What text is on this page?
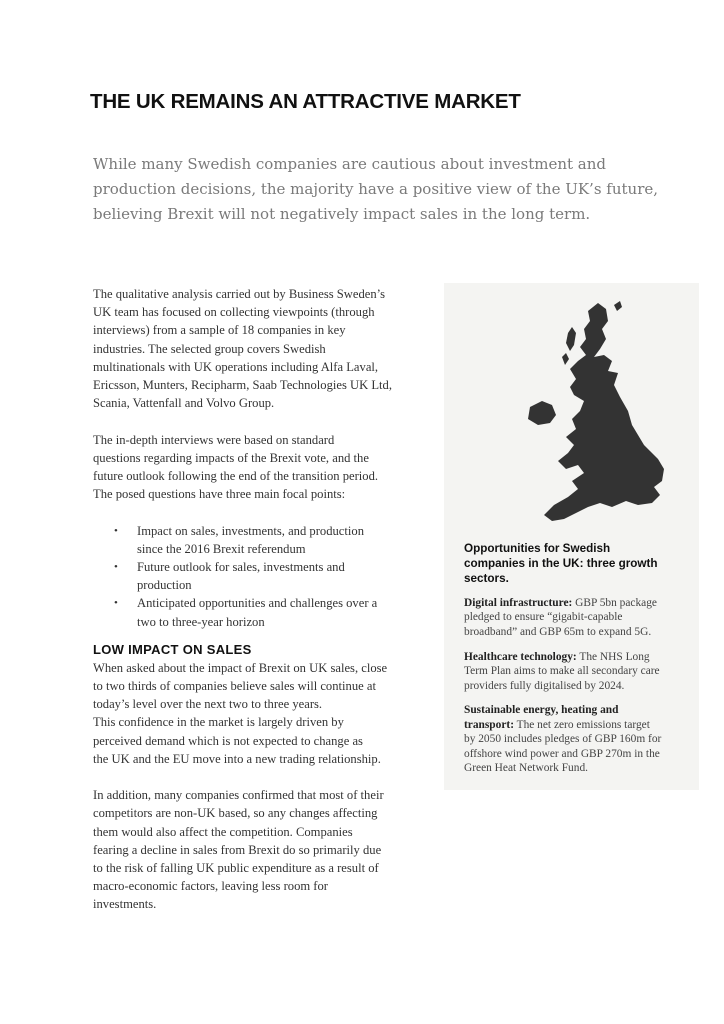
THE UK REMAINS AN ATTRACTIVE MARKET
While many Swedish companies are cautious about investment and
production decisions, the majority have a positive view of the UK’s future,
believing Brexit will not negatively impact sales in the long term.
The qualitative analysis carried out by Business Sweden’s
UK team has focused on collecting viewpoints (through
interviews) from a sample of 18 companies in key
industries. The selected group covers Swedish
multinationals with UK operations including Alfa Laval,
Ericsson, Munters, Recipharm, Saab Technologies UK Ltd,
Scania, Vattenfall and Volvo Group.
The in-depth interviews were based on standard
questions regarding impacts of the Brexit vote, and the
future outlook following the end of the transition period.
The posed questions have three main focal points:
• Impact on sales, investments, and production
since the 2016 Brexit referendum
• Future outlook for sales, investments and
production
• Anticipated opportunities and challenges over a
two to three-year horizon
LOW IMPACT ON SALES
When asked about the impact of Brexit on UK sales, close
to two thirds of companies believe sales will continue at
today’s level over the next two to three years.
This confidence in the market is largely driven by
perceived demand which is not expected to change as
the UK and the EU move into a new trading relationship.
In addition, many companies confirmed that most of their
competitors are non-UK based, so any changes affecting
them would also affect the competition. Companies
fearing a decline in sales from Brexit do so primarily due
to the risk of falling UK public expenditure as a result of
macro-economic factors, leaving less room for
investments.
Opportunities for Swedish
companies in the UK: three growth
sectors.
Digital infrastructure: GBP 5bn package
pledged to ensure “gigabit-capable
broadband” and GBP 65m to expand 5G.
Healthcare technology: The NHS Long
Term Plan aims to make all secondary care
providers fully digitalised by 2024.
Sustainable energy, heating and
transport: The net zero emissions target
by 2050 includes pledges of GBP 160m for
offshore wind power and GBP 270m in the
Green Heat Network Fund.
